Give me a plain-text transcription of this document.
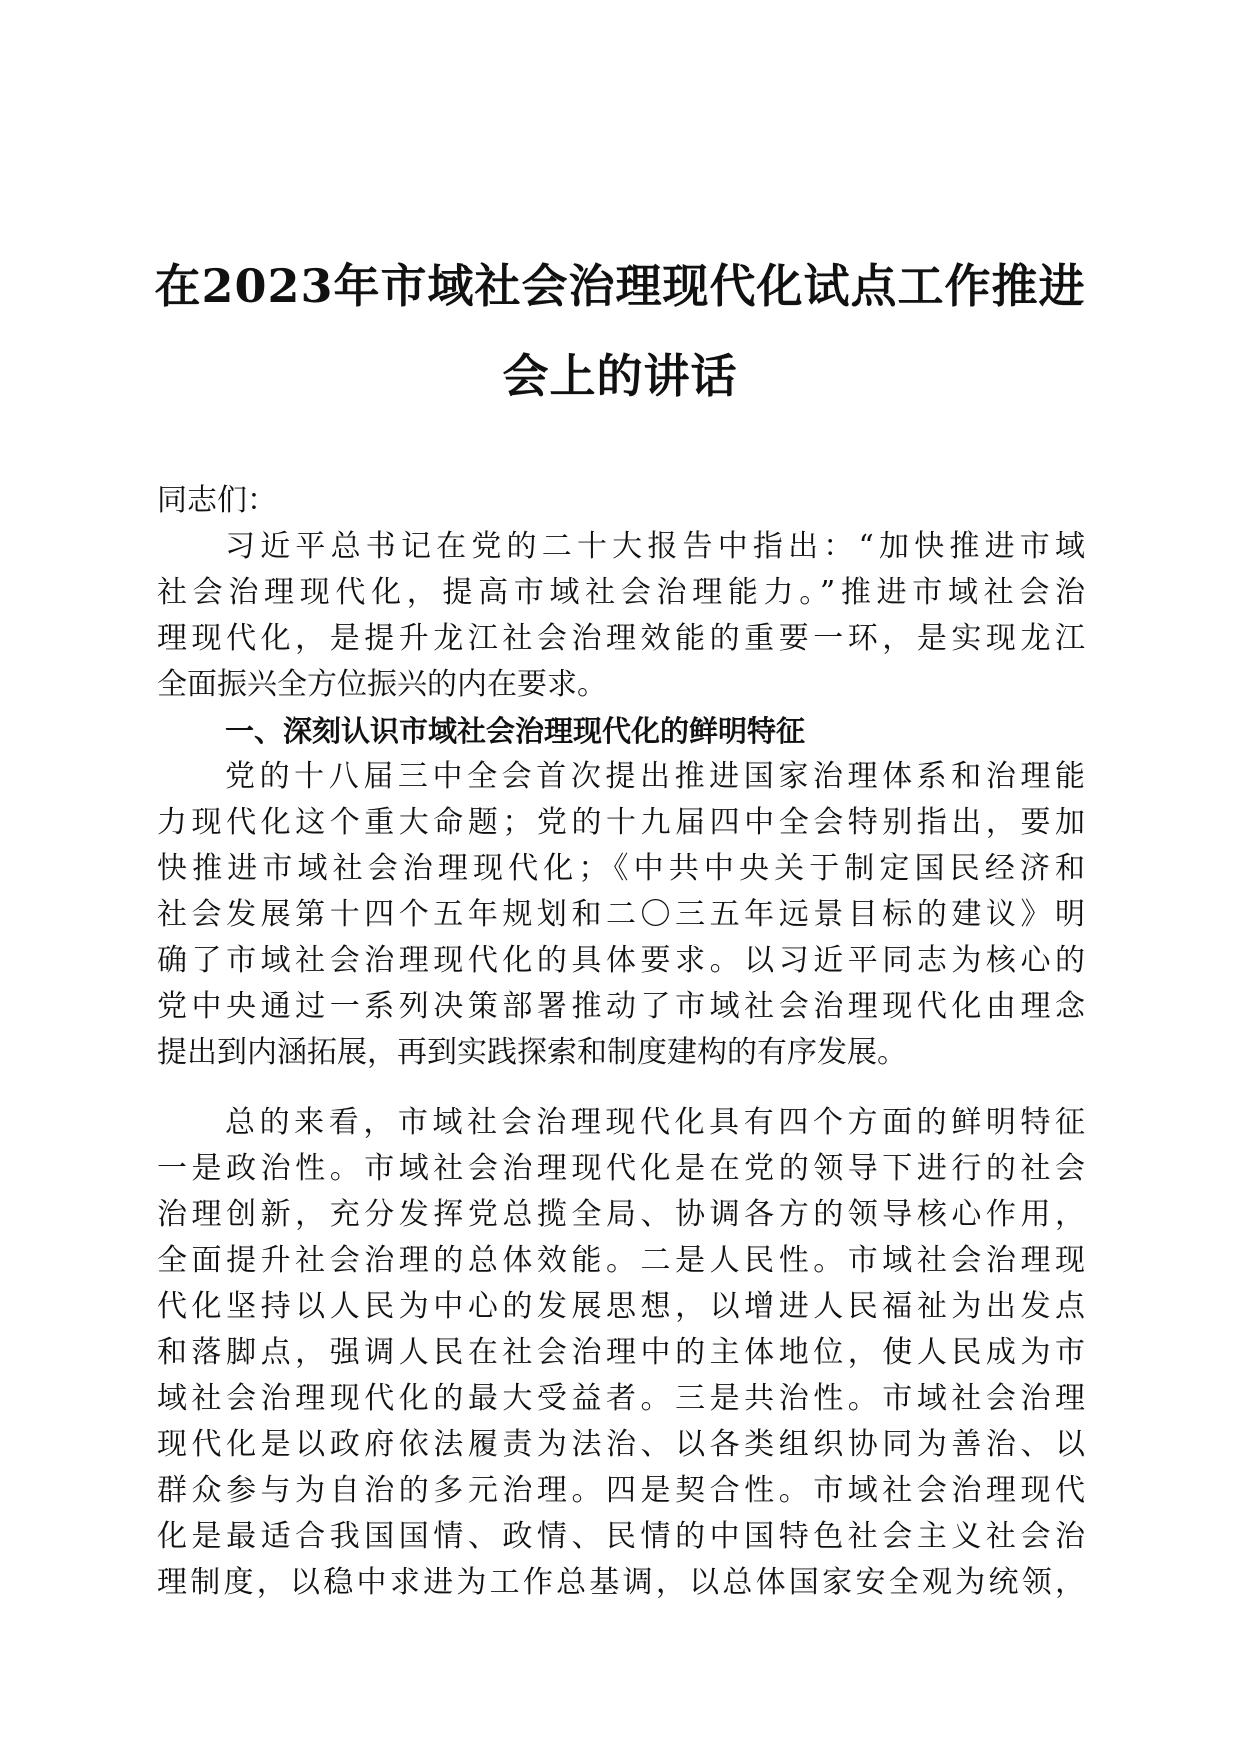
在2023年市域社会治理现代化试点工作推进
会上的讲话
同志们：
习近平总书记在党的二十大报告中指出：“加快推进市域
社会治理现代化，提高市域社会治理能力。”推进市域社会治
理现代化，是提升龙江社会治理效能的重要一环，是实现龙江
全面振兴全方位振兴的内在要求。
一、深刻认识市域社会治理现代化的鲜明特征
党的十八届三中全会首次提出推进国家治理体系和治理能
力现代化这个重大命题；党的十九届四中全会特别指出，要加
快推进市域社会治理现代化；《中共中央关于制定国民经济和
社会发展第十四个五年规划和二〇三五年远景目标的建议》明
确了市域社会治理现代化的具体要求。以习近平同志为核心的
党中央通过一系列决策部署推动了市域社会治理现代化由理念
提出到内涵拓展，再到实践探索和制度建构的有序发展。
总的来看，市域社会治理现代化具有四个方面的鲜明特征
一是政治性。市域社会治理现代化是在党的领导下进行的社会
治理创新，充分发挥党总揽全局、协调各方的领导核心作用，
全面提升社会治理的总体效能。二是人民性。市域社会治理现
代化坚持以人民为中心的发展思想，以增进人民福祉为出发点
和落脚点，强调人民在社会治理中的主体地位，使人民成为市
域社会治理现代化的最大受益者。三是共治性。市域社会治理
现代化是以政府依法履责为法治、以各类组织协同为善治、以
群众参与为自治的多元治理。四是契合性。市域社会治理现代
化是最适合我国国情、政情、民情的中国特色社会主义社会治
理制度，以稳中求进为工作总基调，以总体国家安全观为统领，
